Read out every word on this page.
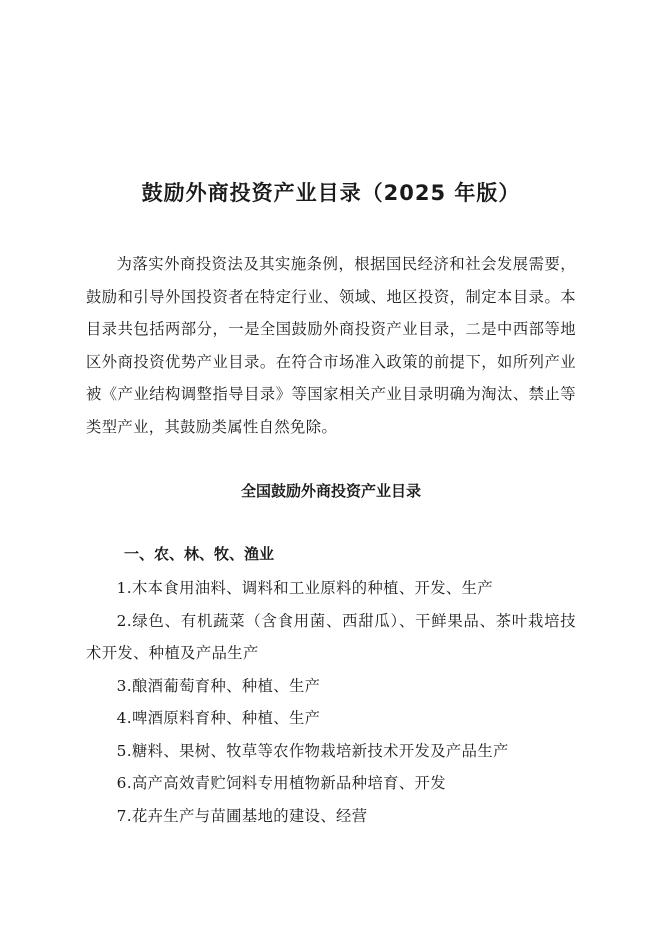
鼓励外商投资产业目录（2025 年版）

为落实外商投资法及其实施条例，根据国民经济和社会发展需要，鼓励和引导外国投资者在特定行业、领域、地区投资，制定本目录。本目录共包括两部分，一是全国鼓励外商投资产业目录，二是中西部等地区外商投资优势产业目录。在符合市场准入政策的前提下，如所列产业被《产业结构调整指导目录》等国家相关产业目录明确为淘汰、禁止等类型产业，其鼓励类属性自然免除。

全国鼓励外商投资产业目录
一、农、林、牧、渔业

1.木本食用油料、调料和工业原料的种植、开发、生产

2.绿色、有机蔬菜（含食用菌、西甜瓜）、干鲜果品、茶叶栽培技术开发、种植及产品生产

3.酿酒葡萄育种、种植、生产

4.啤酒原料育种、种植、生产

5.糖料、果树、牧草等农作物栽培新技术开发及产品生产

6.高产高效青贮饲料专用植物新品种培育、开发

7.花卉生产与苗圃基地的建设、经营
